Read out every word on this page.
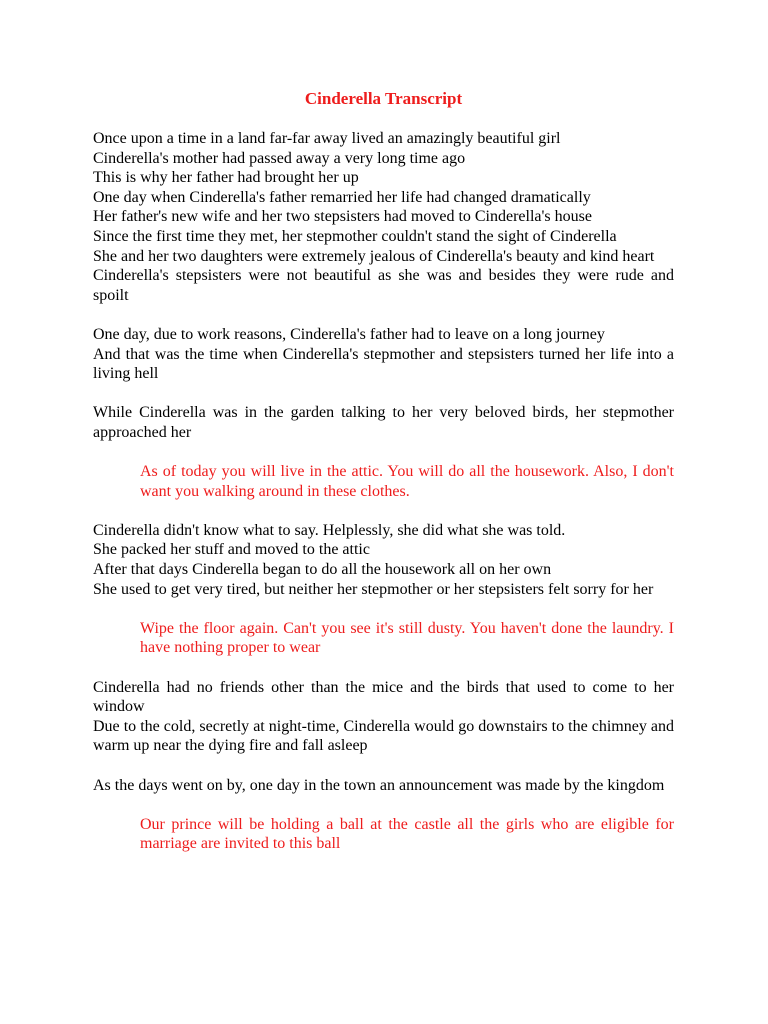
Cinderella Transcript
Once upon a time in a land far-far away lived an amazingly beautiful girl
Cinderella's mother had passed away a very long time ago
This is why her father had brought her up
One day when Cinderella's father remarried her life had changed dramatically
Her father's new wife and her two stepsisters had moved to Cinderella's house
Since the first time they met, her stepmother couldn't stand the sight of Cinderella
She and her two daughters were extremely jealous of Cinderella's beauty and kind heart
Cinderella's stepsisters were not beautiful as she was and besides they were rude and spoilt
One day, due to work reasons, Cinderella's father had to leave on a long journey
And that was the time when Cinderella's stepmother and stepsisters turned her life into a living hell
While Cinderella was in the garden talking to her very beloved birds, her stepmother approached her
As of today you will live in the attic. You will do all the housework. Also, I don't want you walking around in these clothes.
Cinderella didn't know what to say. Helplessly, she did what she was told.
She packed her stuff and moved to the attic
After that days Cinderella began to do all the housework all on her own
She used to get very tired, but neither her stepmother or her stepsisters felt sorry for her
Wipe the floor again. Can't you see it's still dusty. You haven't done the laundry. I have nothing proper to wear
Cinderella had no friends other than the mice and the birds that used to come to her window
Due to the cold, secretly at night-time, Cinderella would go downstairs to the chimney and warm up near the dying fire and fall asleep
As the days went on by, one day in the town an announcement was made by the kingdom
Our prince will be holding a ball at the castle all the girls who are eligible for marriage are invited to this ball
